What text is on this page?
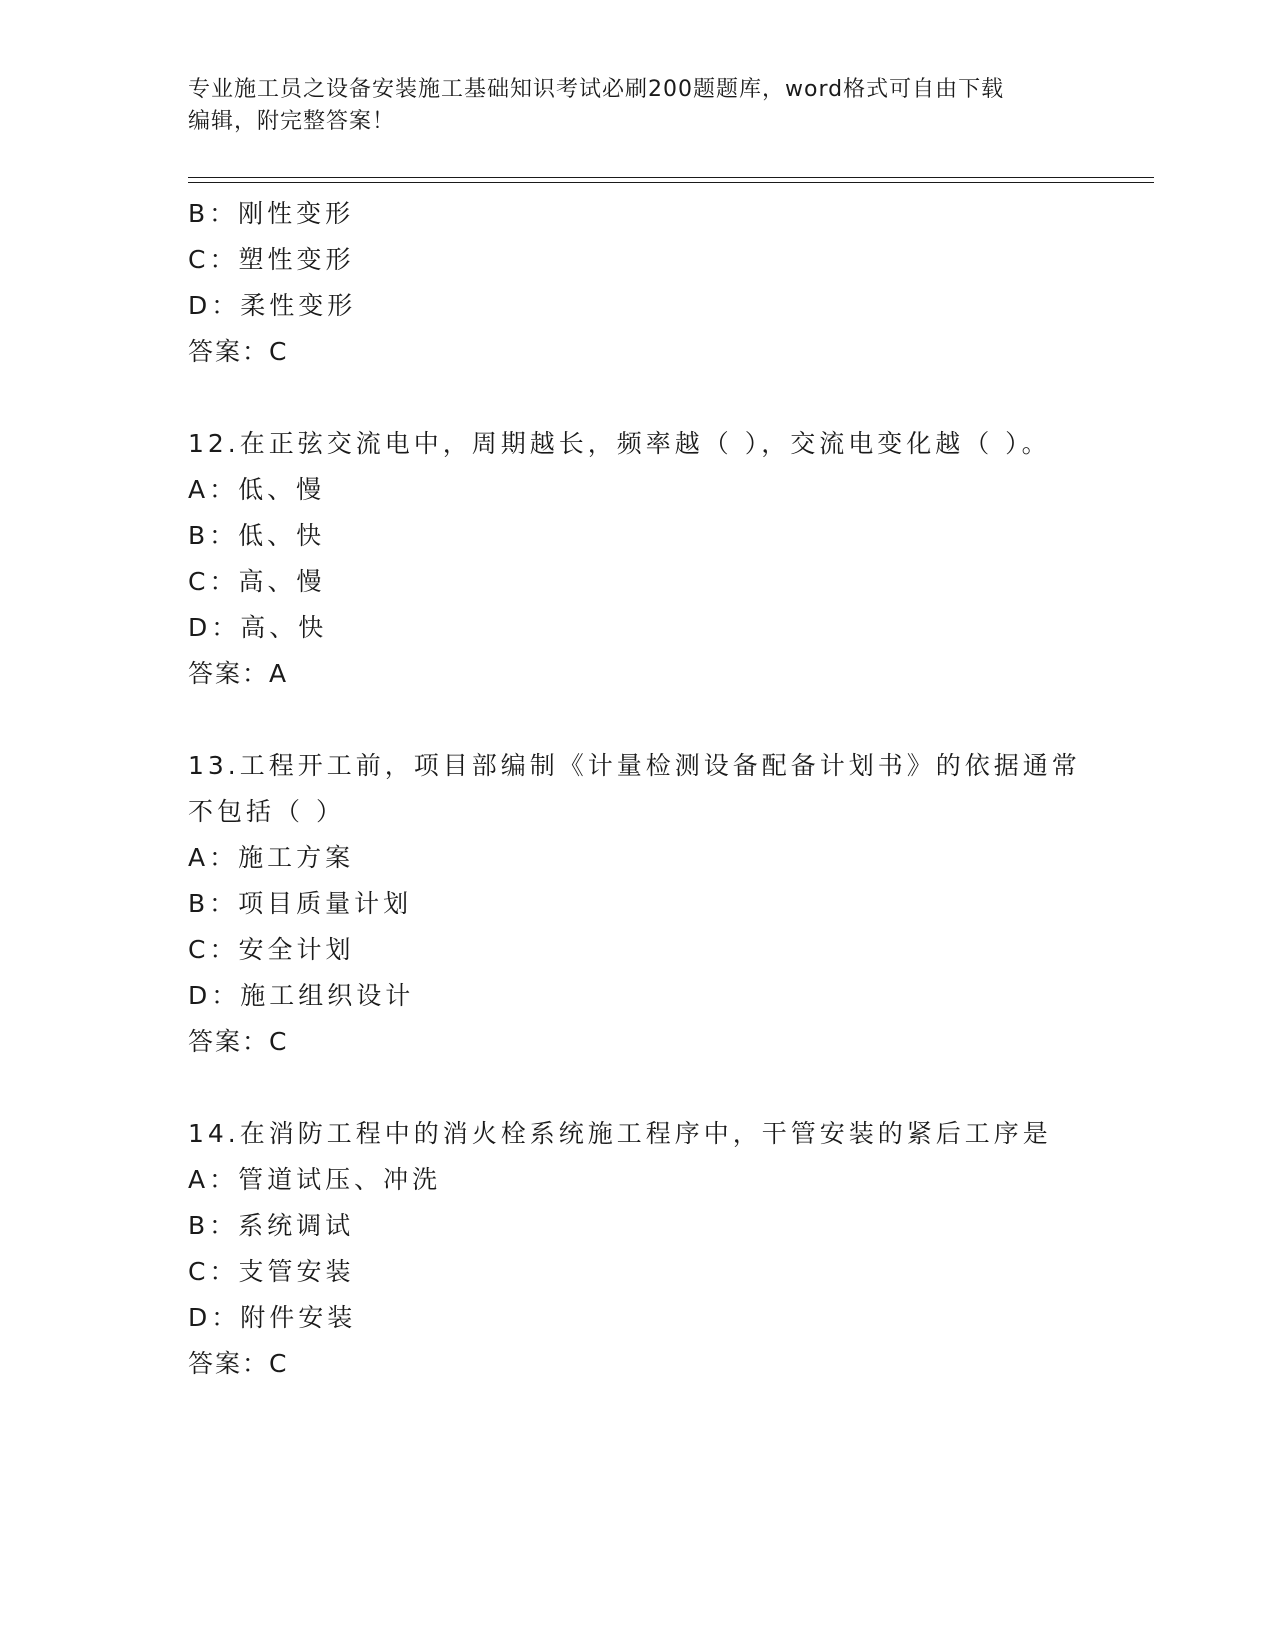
专业施工员之设备安装施工基础知识考试必刷200题题库，word格式可自由下载
编辑，附完整答案！
B：刚性变形
C：塑性变形
D：柔性变形
答案：C
12.在正弦交流电中，周期越长，频率越（ ），交流电变化越（ ）。
A：低、慢
B：低、快
C：高、慢
D：高、快
答案：A
13.工程开工前，项目部编制《计量检测设备配备计划书》的依据通常
不包括（ ）
A：施工方案
B：项目质量计划
C：安全计划
D：施工组织设计
答案：C
14.在消防工程中的消火栓系统施工程序中，干管安装的紧后工序是
A：管道试压、冲洗
B：系统调试
C：支管安装
D：附件安装
答案：C
